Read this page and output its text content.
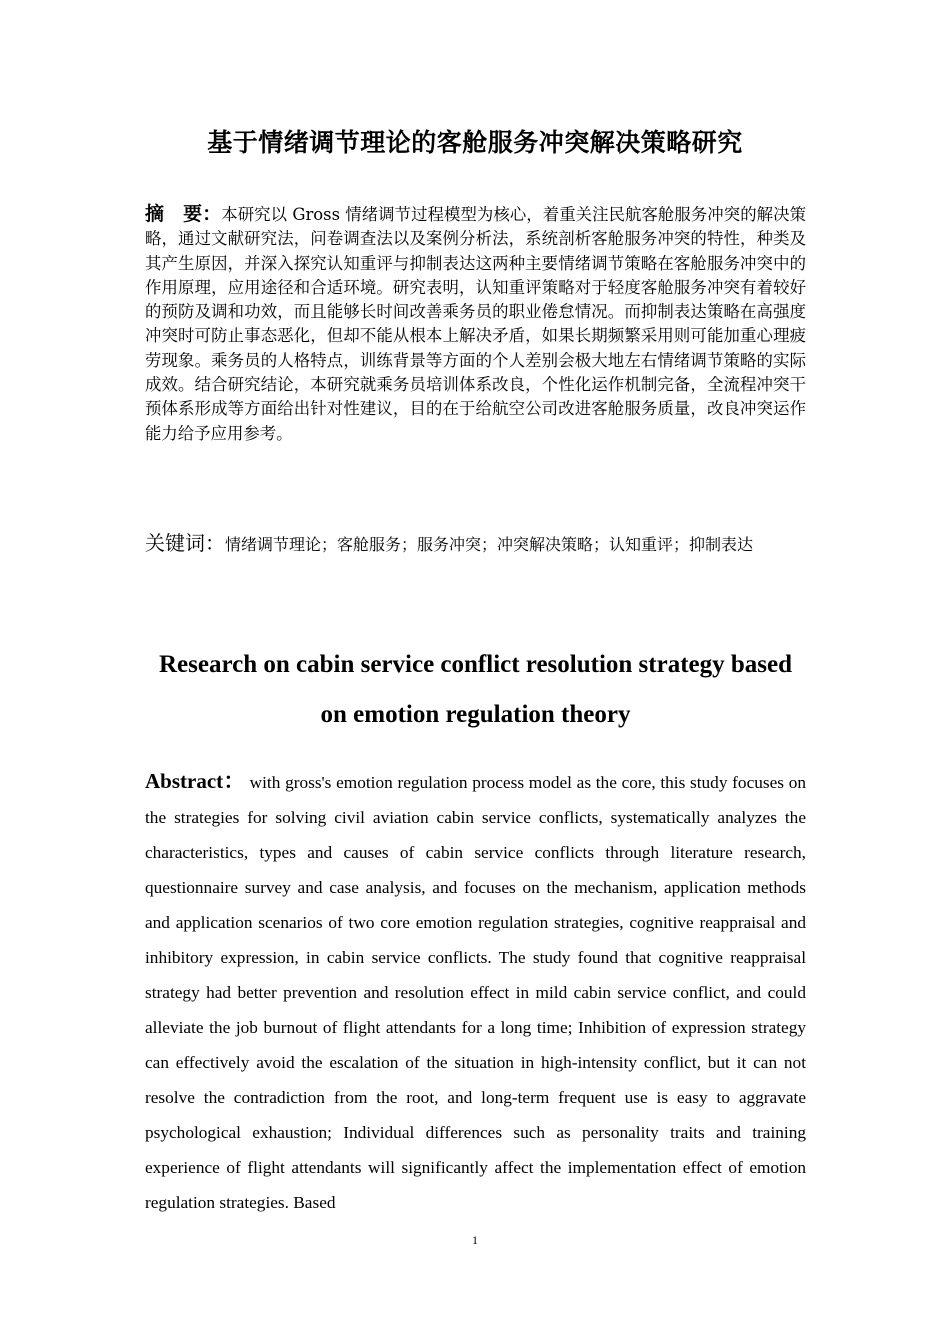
基于情绪调节理论的客舱服务冲突解决策略研究
摘　要：本研究以 Gross 情绪调节过程模型为核心，着重关注民航客舱服务冲突的解决策略，通过文献研究法，问卷调查法以及案例分析法，系统剖析客舱服务冲突的特性，种类及其产生原因，并深入探究认知重评与抑制表达这两种主要情绪调节策略在客舱服务冲突中的作用原理，应用途径和合适环境。研究表明，认知重评策略对于轻度客舱服务冲突有着较好的预防及调和功效，而且能够长时间改善乘务员的职业倦怠情况。而抑制表达策略在高强度冲突时可防止事态恶化，但却不能从根本上解决矛盾，如果长期频繁采用则可能加重心理疲劳现象。乘务员的人格特点，训练背景等方面的个人差别会极大地左右情绪调节策略的实际成效。结合研究结论，本研究就乘务员培训体系改良，个性化运作机制完备，全流程冲突干预体系形成等方面给出针对性建议，目的在于给航空公司改进客舱服务质量，改良冲突运作能力给予应用参考。
关键词：情绪调节理论；客舱服务；服务冲突；冲突解决策略；认知重评；抑制表达
Research on cabin service conflict resolution strategy based on emotion regulation theory
Abstract： with gross's emotion regulation process model as the core, this study focuses on the strategies for solving civil aviation cabin service conflicts, systematically analyzes the characteristics, types and causes of cabin service conflicts through literature research, questionnaire survey and case analysis, and focuses on the mechanism, application methods and application scenarios of two core emotion regulation strategies, cognitive reappraisal and inhibitory expression, in cabin service conflicts. The study found that cognitive reappraisal strategy had better prevention and resolution effect in mild cabin service conflict, and could alleviate the job burnout of flight attendants for a long time; Inhibition of expression strategy can effectively avoid the escalation of the situation in high-intensity conflict, but it can not resolve the contradiction from the root, and long-term frequent use is easy to aggravate psychological exhaustion; Individual differences such as personality traits and training experience of flight attendants will significantly affect the implementation effect of emotion regulation strategies. Based
1
